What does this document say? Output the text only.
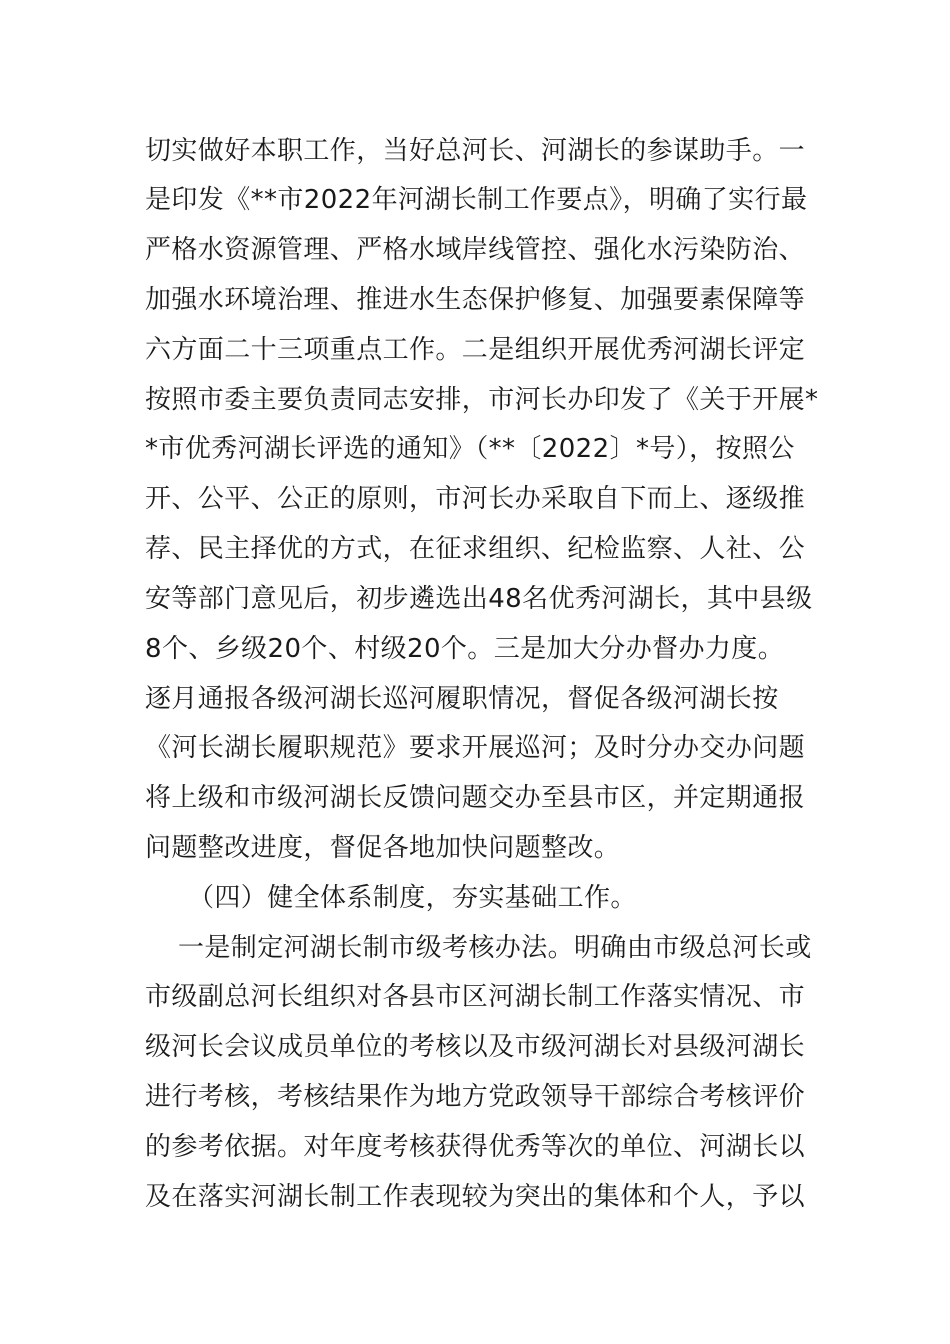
切实做好本职工作，当好总河长、河湖长的参谋助手。一
是印发《**市2022年河湖长制工作要点》，明确了实行最
严格水资源管理、严格水域岸线管控、强化水污染防治、
加强水环境治理、推进水生态保护修复、加强要素保障等
六方面二十三项重点工作。二是组织开展优秀河湖长评定
按照市委主要负责同志安排，市河长办印发了《关于开展*
*市优秀河湖长评选的通知》（**〔2022〕*号），按照公
开、公平、公正的原则，市河长办采取自下而上、逐级推
荐、民主择优的方式，在征求组织、纪检监察、人社、公
安等部门意见后，初步遴选出48名优秀河湖长，其中县级
8个、乡级20个、村级20个。三是加大分办督办力度。
逐月通报各级河湖长巡河履职情况，督促各级河湖长按
《河长湖长履职规范》要求开展巡河；及时分办交办问题
将上级和市级河湖长反馈问题交办至县市区，并定期通报
问题整改进度，督促各地加快问题整改。
（四）健全体系制度，夯实基础工作。
一是制定河湖长制市级考核办法。明确由市级总河长或
市级副总河长组织对各县市区河湖长制工作落实情况、市
级河长会议成员单位的考核以及市级河湖长对县级河湖长
进行考核，考核结果作为地方党政领导干部综合考核评价
的参考依据。对年度考核获得优秀等次的单位、河湖长以
及在落实河湖长制工作表现较为突出的集体和个人，予以
